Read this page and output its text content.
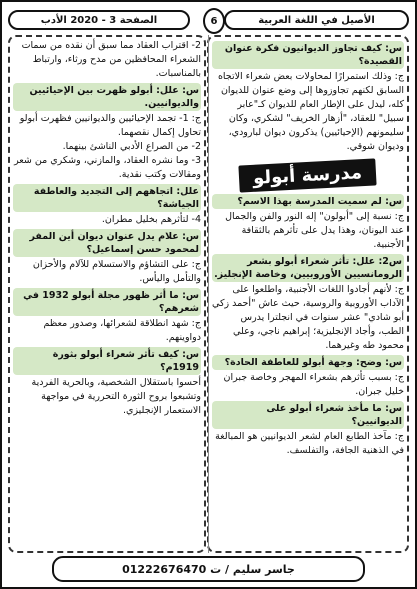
الأصيل في اللغة العربية
6
الصفحة 3 - 2020 الأدب
س: كيف تجاوز الديوانيون فكرة عنوان القصيدة؟

ج: وذلك استمرارًا لمحاولات بعض شعراء الاتجاه السابق لكنهم تجاوزوها إلى وضع عنوان للديوان كله، ليدل على الإطار العام للديوان كـ"عابر سبيل" للعقاد، "أزهار الخريف" لشكري، وكان سليمونهم (الإحيائيين) يذكرون ديوان لبارودي، وديوان شوقي.

مدرسة أبولو
س: لم سميت المدرسة بهذا الاسم؟

ج: نسبة إلى "أبولون" إله النور والفن والجمال عند اليونان، وهذا يدل على تأثرهم بالثقافة الأجنبية.

س2: علل: تأثر شعراء أبولو بشعر الرومانسيين الأوروبيين، وخاصة الإنجليز.

ج: لأنهم أجادوا اللغات الأجنبية، واطلعوا على الآداب الأوروبية والروسية، حيث عاش "أحمد زكي أبو شادي" عشر سنوات في انجلترا يدرس الطب، وأجاد الإنجليزية؛ إبراهيم ناجي، وعلي محمود طه وغيرهما.

س: وضح: وجهة أبولو للعاطفة الحادة؟

ج: بسبب تأثرهم بشعراء المهجر وخاصة جبران خليل جبران.

س: ما مأخذ شعراء أبولو على الديوانيين؟

ج: مآخذ الطابع العام لشعر الديوانيين هو المبالغة في الذهنية الجافة، والتفلسف.

2- اقتراب العقاد مما سبق أن نقده من سمات الشعراء المحافظين من مدح ورثاء، وارتباط بالمناسبات.

س: علل: أبولو ظهرت بين الإحيائيين والديوانيين.

ج: 1- تجمد الإحيائيين والديوانيين فظهرت أبولو تحاول إكمال نقصهما.

2- من الصراع الأدبي الناشئ بينهما.

3- وما نشره العقاد، والمازني، وشكري من شعر ومقالات وكتب نقدية.

علل: اتجاههم إلى التجديد والعاطفة الجياشة؟

4- لتأثرهم بخليل مطران.

س: علام يدل عنوان ديوان أين المفر لمحمود حسن إسماعيل؟

ج: على التشاؤم والاستسلام للآلام والأحزان والتأمل واليأس.

س: ما أثر ظهور مجلة أبولو 1932 في شعرهم؟

ج: شهد انطلاقة لشعرائها، وصدور معظم دواوينهم.

س: كيف تأثر شعراء أبولو بثورة 1919م؟

أحسوا باستقلال الشخصية، وبالحرية الفردية وتشبعوا بروح الثورة التحررية في مواجهة الاستعمار الإنجليزي.

جاسر سليم / ت 01222676470
